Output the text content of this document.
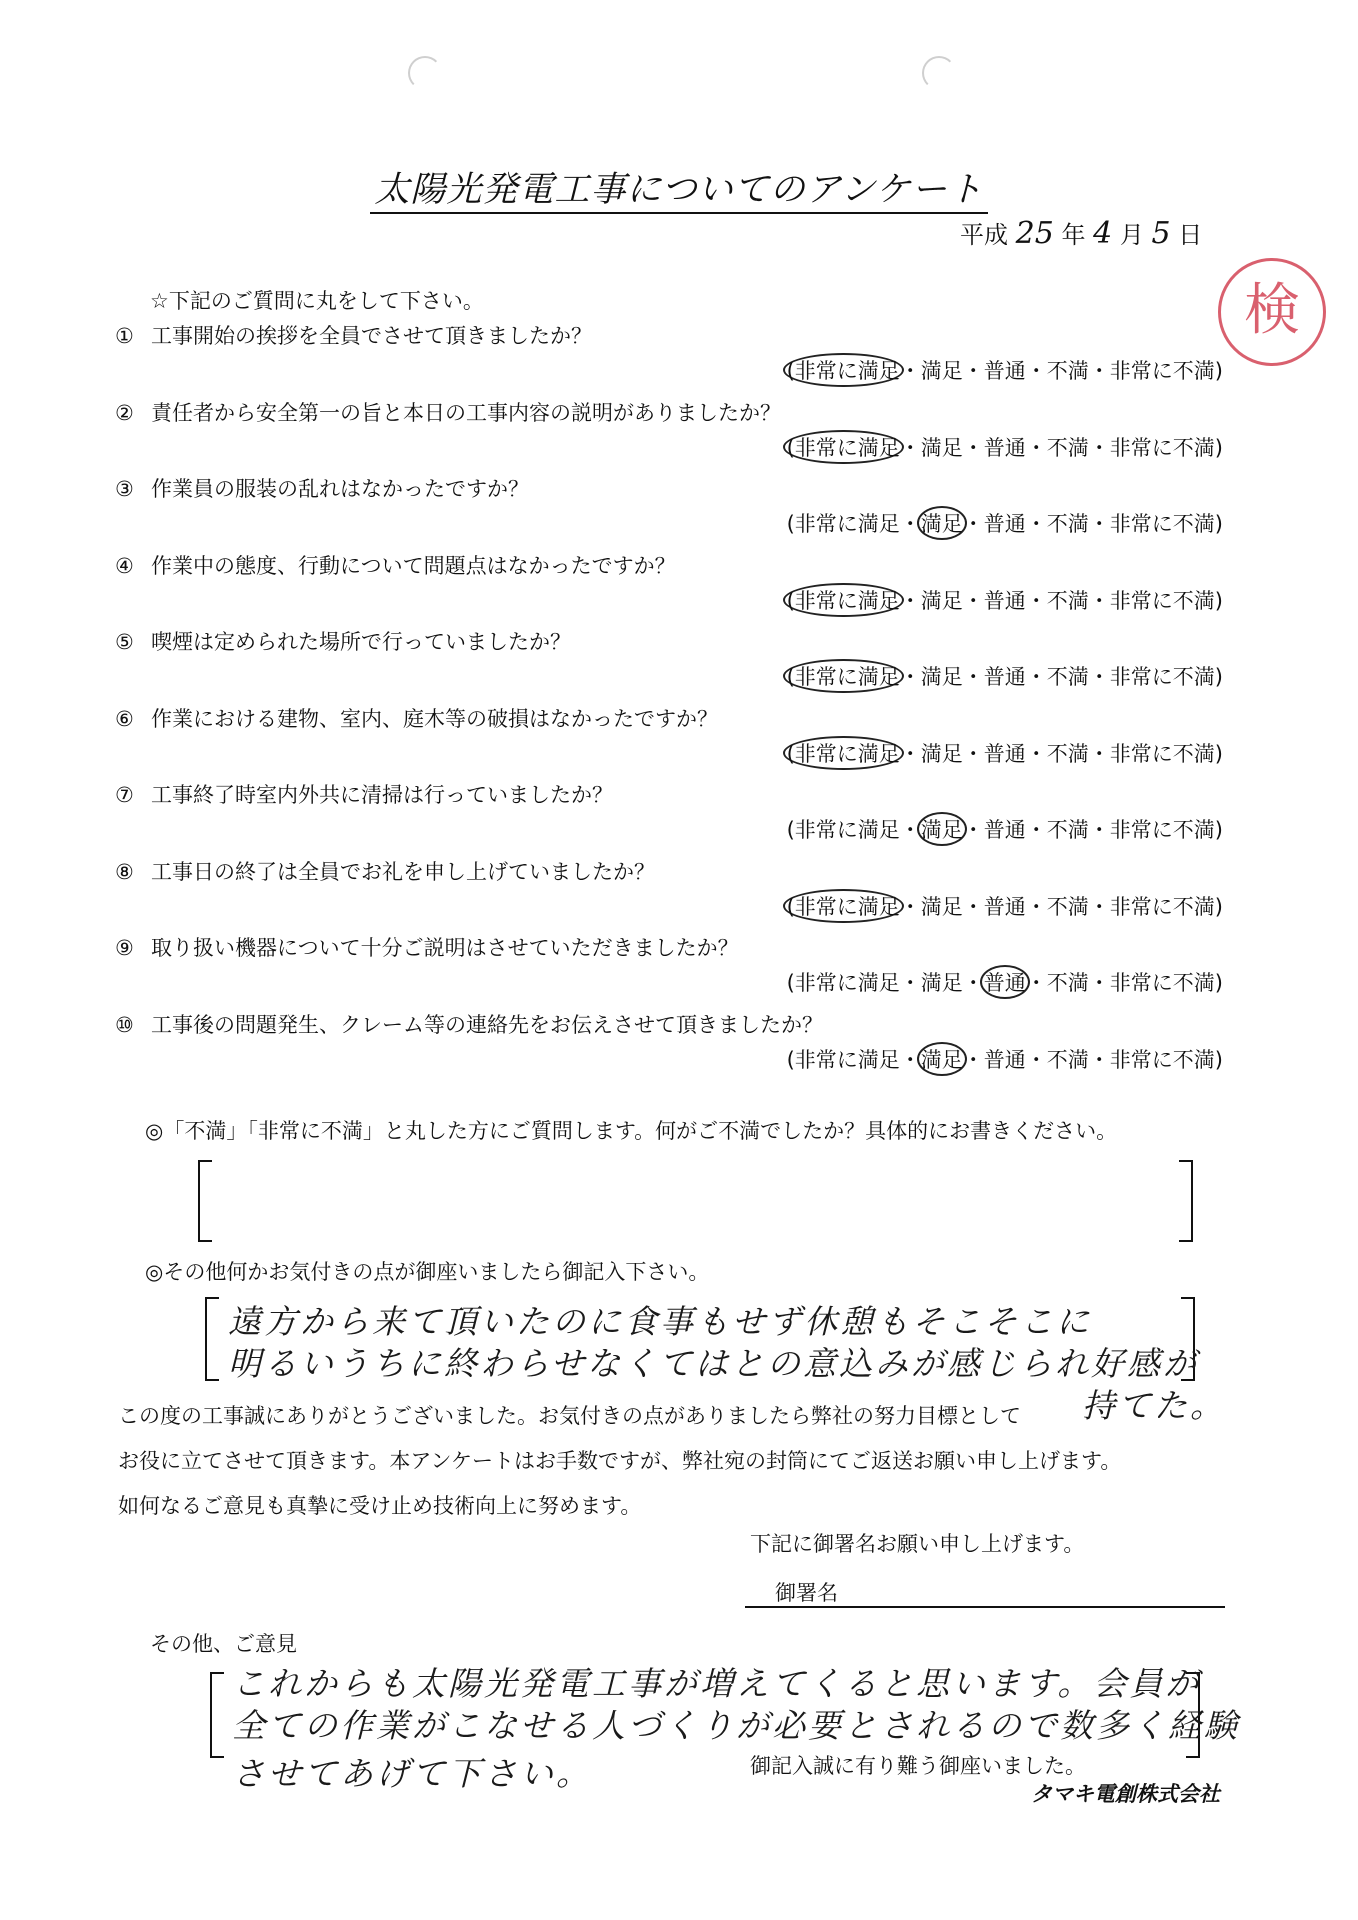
太陽光発電工事についてのアンケート
平成 25 年 4 月 5 日
検
☆下記のご質問に丸をして下さい。
① 工事開始の挨拶を全員でさせて頂きましたか？
(非常に満足・満足・普通・不満・非常に不満)
② 責任者から安全第一の旨と本日の工事内容の説明がありましたか？
(非常に満足・満足・普通・不満・非常に不満)
③ 作業員の服装の乱れはなかったですか？
(非常に満足・満足・普通・不満・非常に不満)
④ 作業中の態度、行動について問題点はなかったですか？
(非常に満足・満足・普通・不満・非常に不満)
⑤ 喫煙は定められた場所で行っていましたか？
(非常に満足・満足・普通・不満・非常に不満)
⑥ 作業における建物、室内、庭木等の破損はなかったですか？
(非常に満足・満足・普通・不満・非常に不満)
⑦ 工事終了時室内外共に清掃は行っていましたか？
(非常に満足・満足・普通・不満・非常に不満)
⑧ 工事日の終了は全員でお礼を申し上げていましたか？
(非常に満足・満足・普通・不満・非常に不満)
⑨ 取り扱い機器について十分ご説明はさせていただきましたか？
(非常に満足・満足・普通・不満・非常に不満)
⑩ 工事後の問題発生、クレーム等の連絡先をお伝えさせて頂きましたか？
(非常に満足・満足・普通・不満・非常に不満)
◎「不満」「非常に不満」と丸した方にご質問します。何がご不満でしたか？具体的にお書きください。
◎その他何かお気付きの点が御座いましたら御記入下さい。
遠方から来て頂いたのに食事もせず休憩もそこそこに
明るいうちに終わらせなくてはとの意込みが感じられ好感が
持てた。
この度の工事誠にありがとうございました。お気付きの点がありましたら弊社の努力目標として
お役に立てさせて頂きます。本アンケートはお手数ですが、弊社宛の封筒にてご返送お願い申し上げます。
如何なるご意見も真摯に受け止め技術向上に努めます。
下記に御署名お願い申し上げます。
御署名
その他、ご意見
これからも太陽光発電工事が増えてくると思います。会員が
全ての作業がこなせる人づくりが必要とされるので数多く経験
させてあげて下さい。	御記入誠に有り難う御座いました。
タマキ電創株式会社
